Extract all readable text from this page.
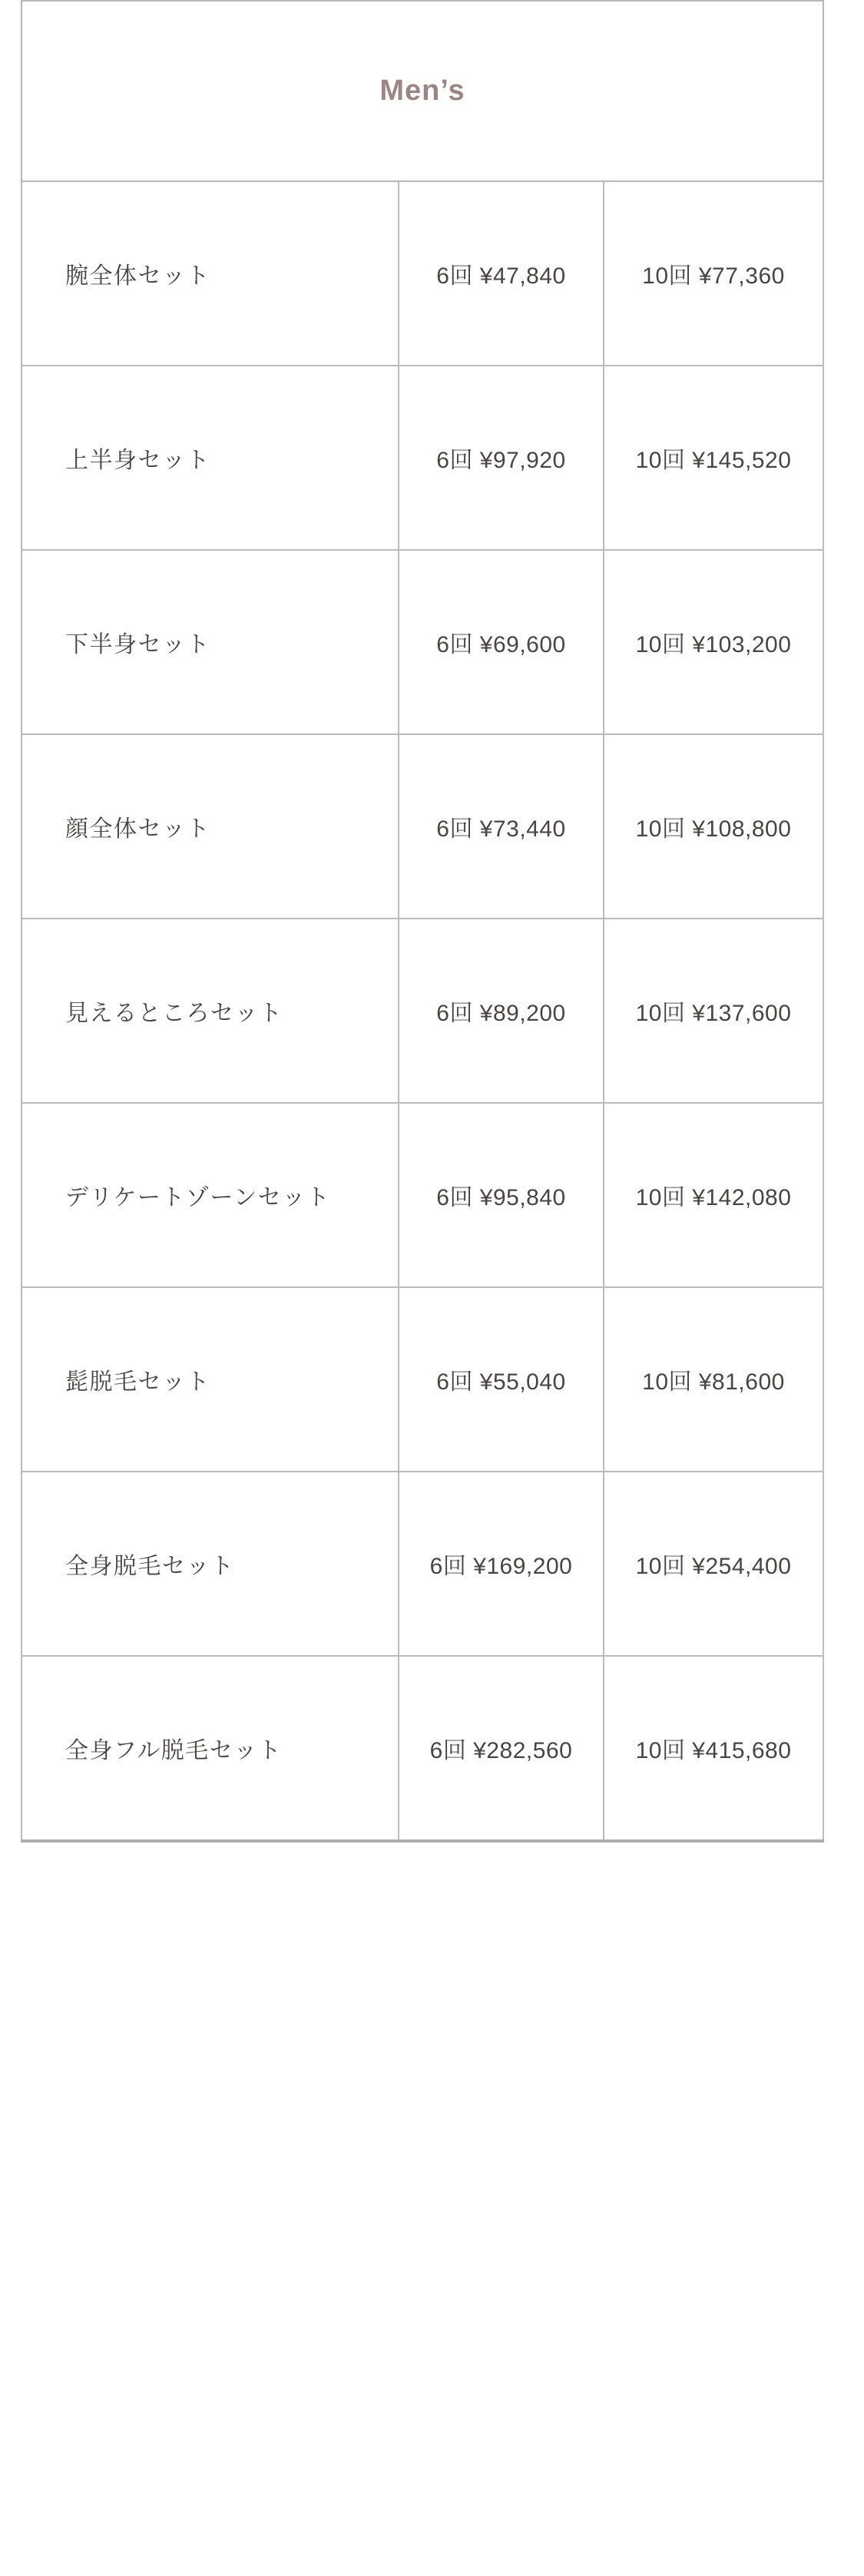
Men’s		
腕全体セット	6回 ¥47,840	10回 ¥77,360
上半身セット	6回 ¥97,920	10回 ¥145,520
下半身セット	6回 ¥69,600	10回 ¥103,200
顔全体セット	6回 ¥73,440	10回 ¥108,800
見えるところセット	6回 ¥89,200	10回 ¥137,600
デリケートゾーンセット	6回 ¥95,840	10回 ¥142,080
髭脱毛セット	6回 ¥55,040	10回 ¥81,600
全身脱毛セット	6回 ¥169,200	10回 ¥254,400
全身フル脱毛セット	6回 ¥282,560	10回 ¥415,680
